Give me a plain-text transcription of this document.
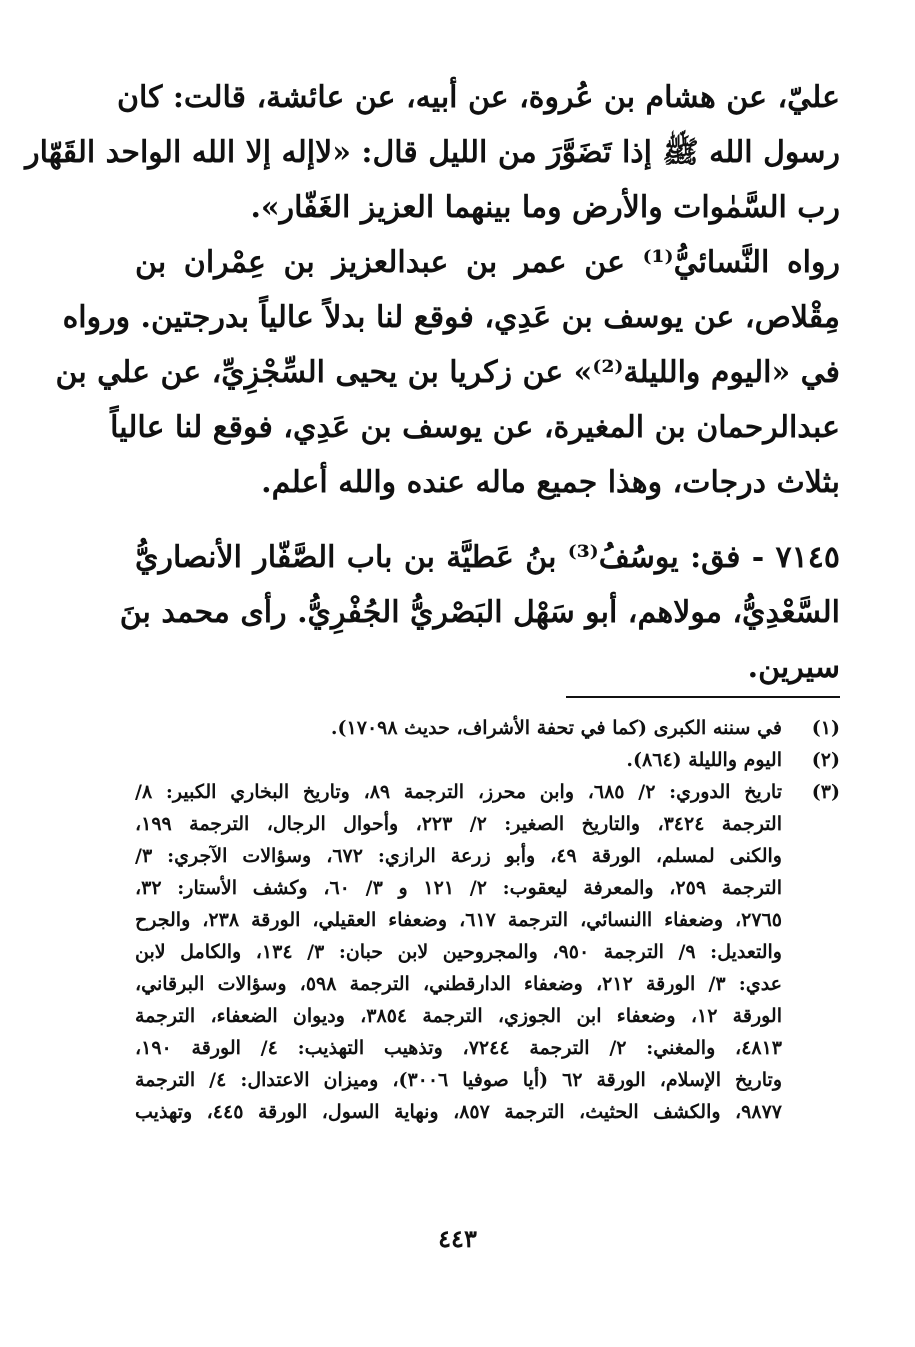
عليّ، عن هشام بن عُروة، عن أبيه، عن عائشة، قالت: كان
رسول الله ﷺ إذا تَضَوَّرَ من الليل قال: «لاإله إلا الله الواحد القَهّار
رب السَّمٰوات والأرض وما بينهما العزيز الغَفّار».
رواه النَّسائيُّ⁽¹⁾ عن عمر بن عبدالعزيز بن عِمْران بن
مِقْلاص، عن يوسف بن عَدِي، فوقع لنا بدلاً عالياً بدرجتين. ورواه
في «اليوم والليلة⁽²⁾» عن زكريا بن يحيى السِّجْزِيِّ، عن علي بن
عبدالرحمان بن المغيرة، عن يوسف بن عَدِي، فوقع لنا عالياً
بثلاث درجات، وهذا جميع ماله عنده والله أعلم.
٧١٤٥ - فق: يوسُفُ⁽³⁾ بنُ عَطيَّة بن باب الصَّفّار الأنصاريُّ
السَّعْدِيُّ، مولاهم، أبو سَهْل البَصْريُّ الجُفْرِيُّ. رأى محمد بنَ
سيرين.
(١)
في سننه الكبرى (كما في تحفة الأشراف، حديث ١٧٠٩٨).
(٢)
اليوم والليلة (٨٦٤).
(٣)
تاريخ الدوري: ٢/ ٦٨٥، وابن محرز، الترجمة ٨٩، وتاريخ البخاري الكبير: ٨/
الترجمة ٣٤٢٤، والتاريخ الصغير: ٢/ ٢٢٣، وأحوال الرجال، الترجمة ١٩٩،
والكنى لمسلم، الورقة ٤٩، وأبو زرعة الرازي: ٦٧٢، وسؤالات الآجري: ٣/
الترجمة ٢٥٩، والمعرفة ليعقوب: ٢/ ١٢١ و ٣/ ٦٠، وكشف الأستار: ٣٢،
٢٧٦٥، وضعفاء االنسائي، الترجمة ٦١٧، وضعفاء العقيلي، الورقة ٢٣٨، والجرح
والتعديل: ٩/ الترجمة ٩٥٠، والمجروحين لابن حبان: ٣/ ١٣٤، والكامل لابن
عدي: ٣/ الورقة ٢١٢، وضعفاء الدارقطني، الترجمة ٥٩٨، وسؤالات البرقاني،
الورقة ١٢، وضعفاء ابن الجوزي، الترجمة ٣٨٥٤، وديوان الضعفاء، الترجمة
٤٨١٣، والمغني: ٢/ الترجمة ٧٢٤٤، وتذهيب التهذيب: ٤/ الورقة ١٩٠،
وتاريخ الإسلام، الورقة ٦٢ (أيا صوفيا ٣٠٠٦)، وميزان الاعتدال: ٤/ الترجمة
٩٨٧٧، والكشف الحثيث، الترجمة ٨٥٧، ونهاية السول، الورقة ٤٤٥، وتهذيب
٤٤٣
